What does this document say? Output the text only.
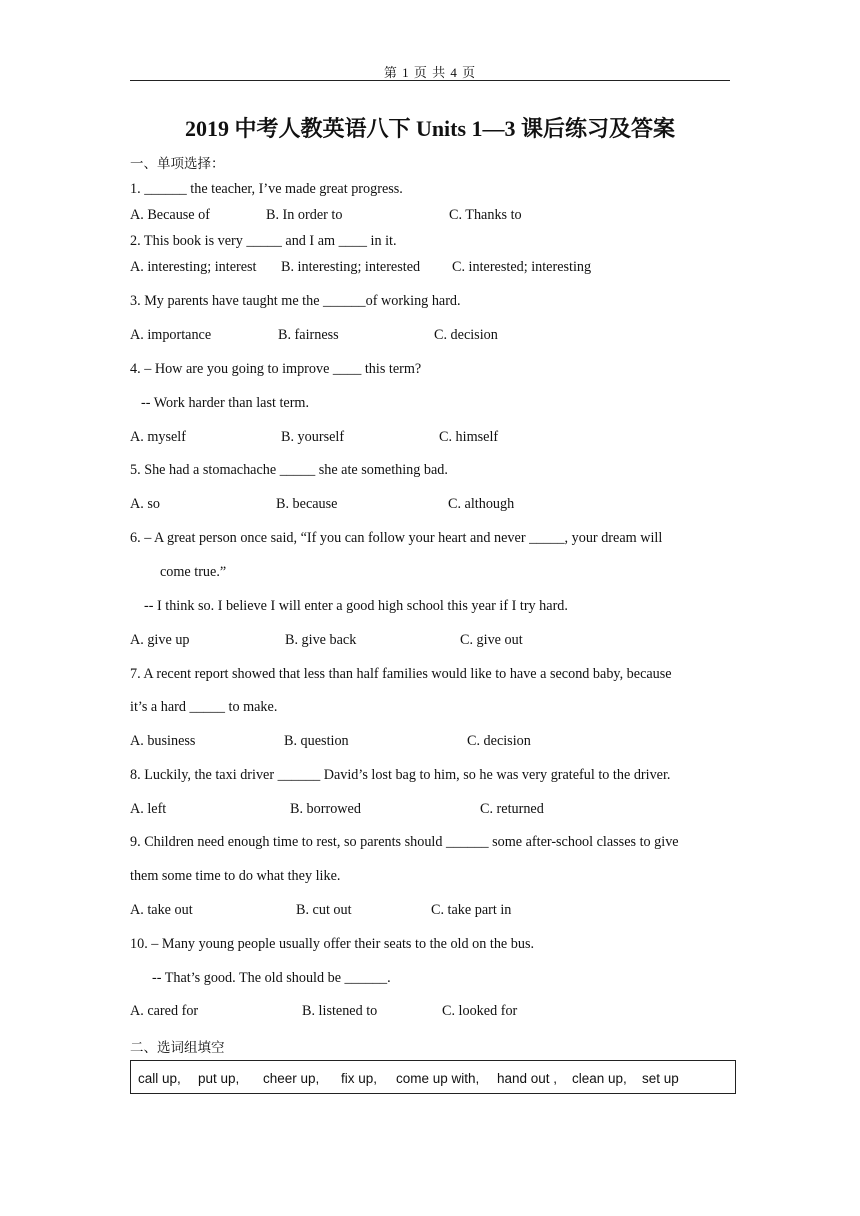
第 1 页 共 4 页
2019 中考人教英语八下 Units 1—3 课后练习及答案
一、单项选择：
1. ______ the teacher, I’ve made great progress.
A. Because of	B. In order to	C. Thanks to
2. This book is very _____ and I am ____ in it.
A. interesting; interest B. interesting; interested C. interested; interesting
3. My parents have taught me the ______of working hard.
A. importance	B. fairness	C. decision
4. – How are you going to improve ____ this term?
-- Work harder than last term.
A. myself	B. yourself	C. himself
5. She had a stomachache _____ she ate something bad.
A. so	B. because	C. although
6. – A great person once said, “If you can follow your heart and never _____, your dream will
come true.”
-- I think so. I believe I will enter a good high school this year if I try hard.
A. give up	B. give back	C. give out
7. A recent report showed that less than half families would like to have a second baby, because
it’s a hard _____ to make.
A. business	B. question	C. decision
8. Luckily, the taxi driver ______ David’s lost bag to him, so he was very grateful to the driver.
A. left	B. borrowed	C. returned
9. Children need enough time to rest, so parents should ______ some after-school classes to give
them some time to do what they like.
A. take out	B. cut out	C. take part in
10. – Many young people usually offer their seats to the old on the bus.
-- That’s good. The old should be ______.
A. cared for	B. listened to	C. looked for
二、选词组填空
call up, put up, cheer up, fix up, come up with, hand out , clean up, set up
